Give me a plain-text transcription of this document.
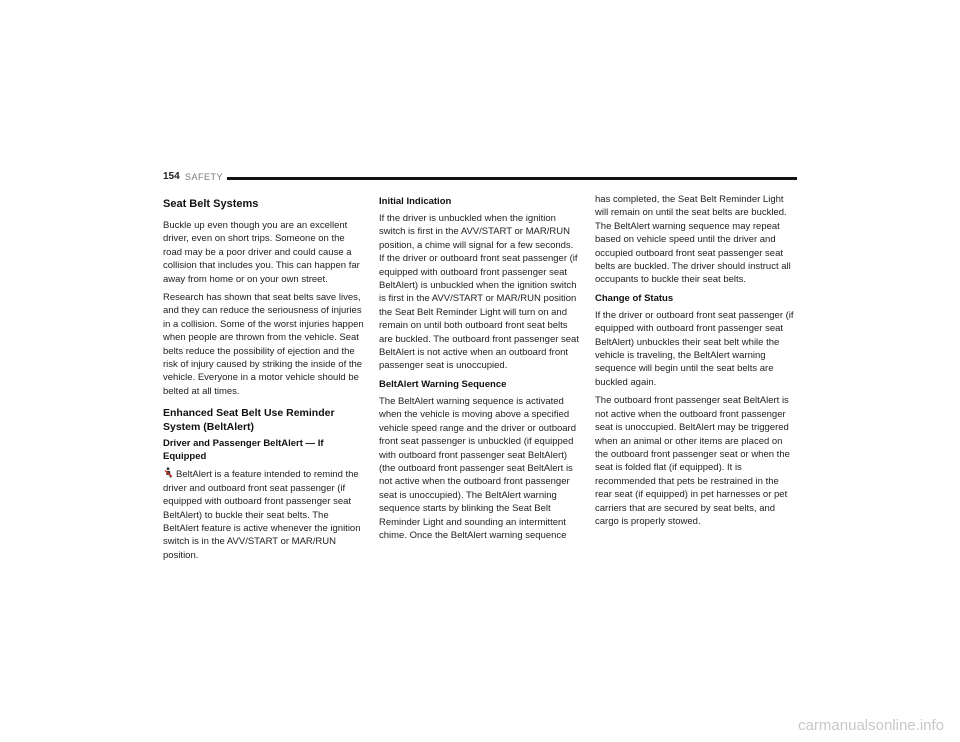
154 SAFETY
Seat Belt Systems

Buckle up even though you are an excellent driver, even on short trips. Someone on the road may be a poor driver and could cause a collision that includes you. This can happen far away from home or on your own street.

Research has shown that seat belts save lives, and they can reduce the seriousness of injuries in a collision. Some of the worst injuries happen when people are thrown from the vehicle. Seat belts reduce the possibility of ejection and the risk of injury caused by striking the inside of the vehicle. Everyone in a motor vehicle should be belted at all times.

Enhanced Seat Belt Use Reminder System (BeltAlert)
Driver and Passenger BeltAlert — If Equipped

BeltAlert is a feature intended to remind the driver and outboard front seat passenger (if equipped with outboard front passenger seat BeltAlert) to buckle their seat belts. The BeltAlert feature is active whenever the ignition switch is in the AVV/START or MAR/RUN position.

Initial Indication

If the driver is unbuckled when the ignition switch is first in the AVV/START or MAR/RUN position, a chime will signal for a few seconds. If the driver or outboard front seat passenger (if equipped with outboard front passenger seat BeltAlert) is unbuckled when the ignition switch is first in the AVV/START or MAR/RUN position the Seat Belt Reminder Light will turn on and remain on until both outboard front seat belts are buckled. The outboard front passenger seat BeltAlert is not active when an outboard front passenger seat is unoccupied.

BeltAlert Warning Sequence

The BeltAlert warning sequence is activated when the vehicle is moving above a specified vehicle speed range and the driver or outboard front seat passenger is unbuckled (if equipped with outboard front passenger seat BeltAlert) (the outboard front passenger seat BeltAlert is not active when the outboard front passenger seat is unoccupied). The BeltAlert warning sequence starts by blinking the Seat Belt Reminder Light and sounding an intermittent chime. Once the BeltAlert warning sequence

has completed, the Seat Belt Reminder Light will remain on until the seat belts are buckled. The BeltAlert warning sequence may repeat based on vehicle speed until the driver and occupied outboard front seat passenger seat belts are buckled. The driver should instruct all occupants to buckle their seat belts.

Change of Status

If the driver or outboard front seat passenger (if equipped with outboard front passenger seat BeltAlert) unbuckles their seat belt while the vehicle is traveling, the BeltAlert warning sequence will begin until the seat belts are buckled again.

The outboard front passenger seat BeltAlert is not active when the outboard front passenger seat is unoccupied. BeltAlert may be triggered when an animal or other items are placed on the outboard front passenger seat or when the seat is folded flat (if equipped). It is recommended that pets be restrained in the rear seat (if equipped) in pet harnesses or pet carriers that are secured by seat belts, and cargo is properly stowed.

carmanualsonline.info
